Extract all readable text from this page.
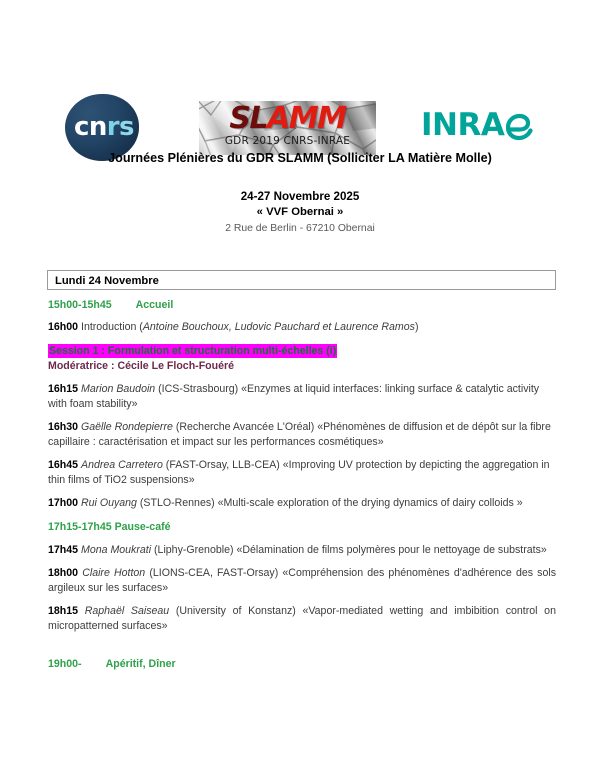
cnrs	SLAMM
GDR 2019 CNRS-INRAE	INRA
Journées Plénières du GDR SLAMM (Solliciter LA Matière Molle)
24-27 Novembre 2025
« VVF Obernai »
2 Rue de Berlin - 67210 Obernai
Lundi 24 Novembre
15h00-15h45 Accueil
16h00 Introduction (Antoine Bouchoux, Ludovic Pauchard et Laurence Ramos)
Session 1 : Formulation et structuration multi-échelles (i)
Modératrice : Cécile Le Floch-Fouéré
16h15 Marion Baudoin (ICS-Strasbourg) «Enzymes at liquid interfaces: linking surface & catalytic activity with foam stability»
16h30 Gaëlle Rondepierre (Recherche Avancée L'Oréal) «Phénomènes de diffusion et de dépôt sur la fibre capillaire : caractérisation et impact sur les performances cosmétiques»
16h45 Andrea Carretero (FAST-Orsay, LLB-CEA) «Improving UV protection by depicting the aggregation in thin films of TiO2 suspensions»
17h00 Rui Ouyang (STLO-Rennes) «Multi-scale exploration of the drying dynamics of dairy colloids »
17h15-17h45 Pause-café
17h45 Mona Moukrati (Liphy-Grenoble) «Délamination de films polymères pour le nettoyage de substrats»
18h00 Claire Hotton (LIONS-CEA, FAST-Orsay) «Compréhension des phénomènes d'adhérence des sols argileux sur les surfaces»
18h15 Raphaël Saiseau (University of Konstanz) «Vapor-mediated wetting and imbibition control on micropatterned surfaces»
19h00- Apéritif, Dîner
